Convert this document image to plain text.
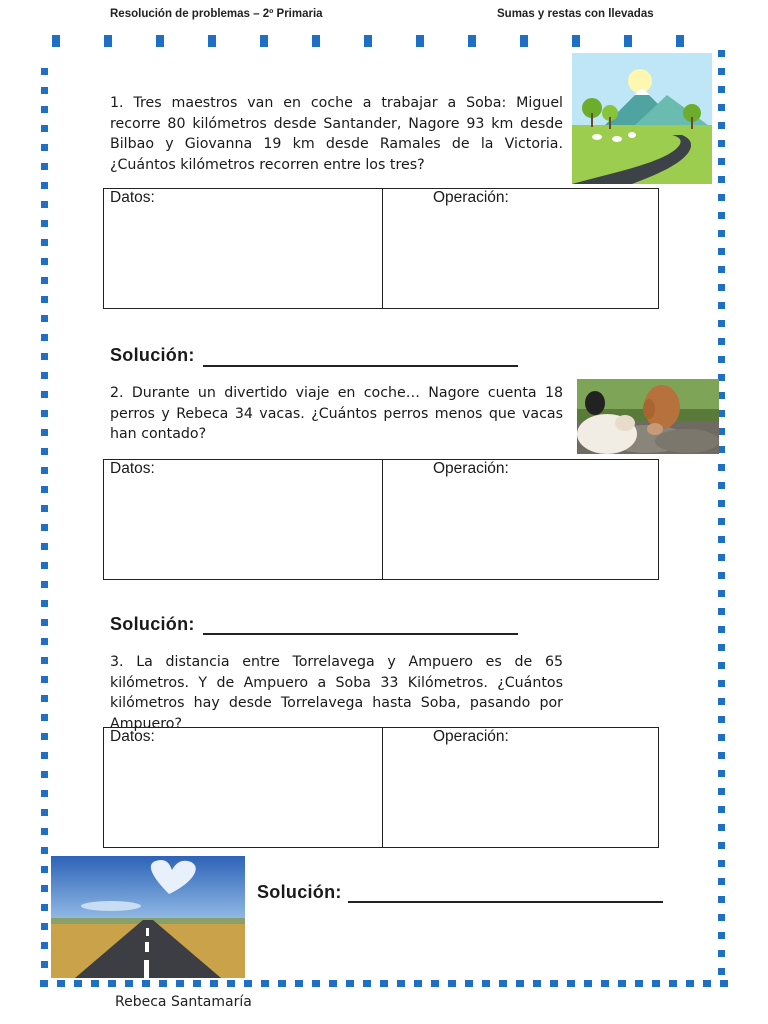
Resolución de problemas – 2º Primaria	Sumas y restas con llevadas
1. Tres maestros van en coche a trabajar a Soba: Miguel recorre 80 kilómetros desde Santander, Nagore 93 km desde Bilbao y Giovanna 19 km desde Ramales de la Victoria. ¿Cuántos kilómetros recorren entre los tres?
Datos:	Operación:
Solución:
2. Durante un divertido viaje en coche… Nagore cuenta 18 perros y Rebeca 34 vacas. ¿Cuántos perros menos que vacas han contado?
Datos:	Operación:
Solución:
3. La distancia entre Torrelavega y Ampuero es de 65 kilómetros. Y de Ampuero a Soba 33 Kilómetros. ¿Cuántos kilómetros hay desde Torrelavega hasta Soba, pasando por Ampuero?
Datos:	Operación:
Solución:
Rebeca Santamaría
